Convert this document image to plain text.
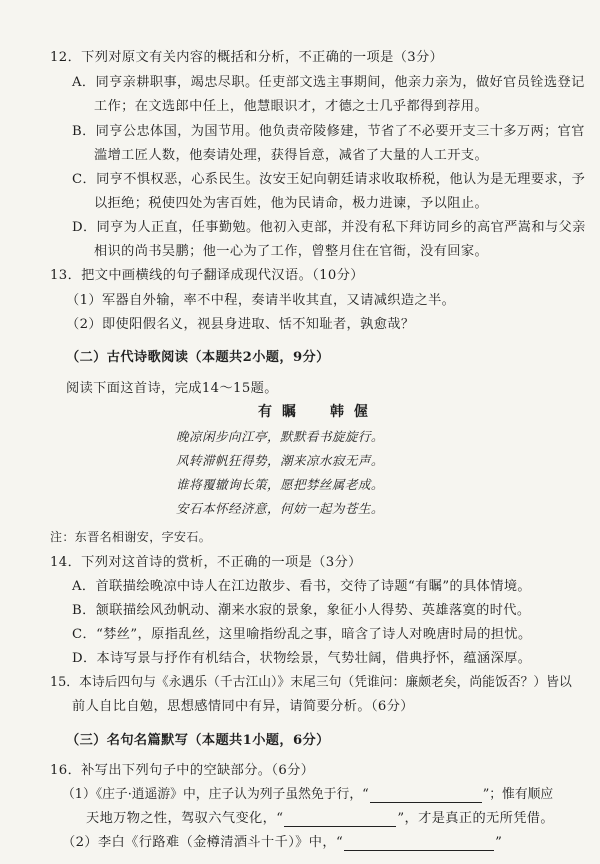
12．下列对原文有关内容的概括和分析，不正确的一项是（3分）
A．同亨亲耕职事，竭忠尽职。任吏部文选主事期间，他亲力亲为，做好官员铨选登记
工作；在文选郎中任上，他慧眼识才，才德之士几乎都得到荐用。
B．同亨公忠体国，为国节用。他负责帝陵修建，节省了不必要开支三十多万两；官官
滥增工匠人数，他奏请处理，获得旨意，减省了大量的人工开支。
C．同亨不惧权恶，心系民生。汝安王妃向朝廷请求收取桥税，他认为是无理要求，予
以拒绝；税使四处为害百姓，他为民请命，极力进谏，予以阻止。
D．同亨为人正直，任事勤勉。他初入吏部，并没有私下拜访同乡的高官严嵩和与父亲
相识的尚书吴鹏；他一心为了工作，曾整月住在官衙，没有回家。
13．把文中画横线的句子翻译成现代汉语。（10分）
（1）军器自外输，率不中程，奏请半收其直，又请减织造之半。
（2）即使阳假名义，视县身进取、恬不知耻者，孰愈哉？
（二）古代诗歌阅读（本题共2小题，9分）
阅读下面这首诗，完成14～15题。
有瞩 韩偓
晚凉闲步向江亭，默默看书旋旋行。
风转滞帆狂得势，潮来凉水寂无声。
谁将覆辙询长策，愿把棼丝属老成。
安石本怀经济意，何妨一起为苍生。
注：东晋名相谢安，字安石。
14．下列对这首诗的赏析，不正确的一项是（3分）
A．首联描绘晚凉中诗人在江边散步、看书，交待了诗题“有瞩”的具体情境。
B．颔联描绘风劲帆动、潮来水寂的景象，象征小人得势、英雄落寞的时代。
C．“棼丝”，原指乱丝，这里喻指纷乱之事，暗含了诗人对晚唐时局的担忧。
D．本诗写景与抒作有机结合，状物绘景，气势壮阔，借典抒怀，蕴涵深厚。
15．本诗后四句与《永遇乐（千古江山）》末尾三句（凭谁问：廉颇老矣，尚能饭否？）皆以
前人自比自勉，思想感情同中有异，请简要分析。（6分）
（三）名句名篇默写（本题共1小题，6分）
16．补写出下列句子中的空缺部分。（6分）
（1）《庄子·逍遥游》中，庄子认为列子虽然免于行，“	”；惟有顺应
天地万物之性，驾驭六气变化，“	”，才是真正的无所凭借。
（2）李白《行路难（金樽清酒斗十千）》中，“	”
